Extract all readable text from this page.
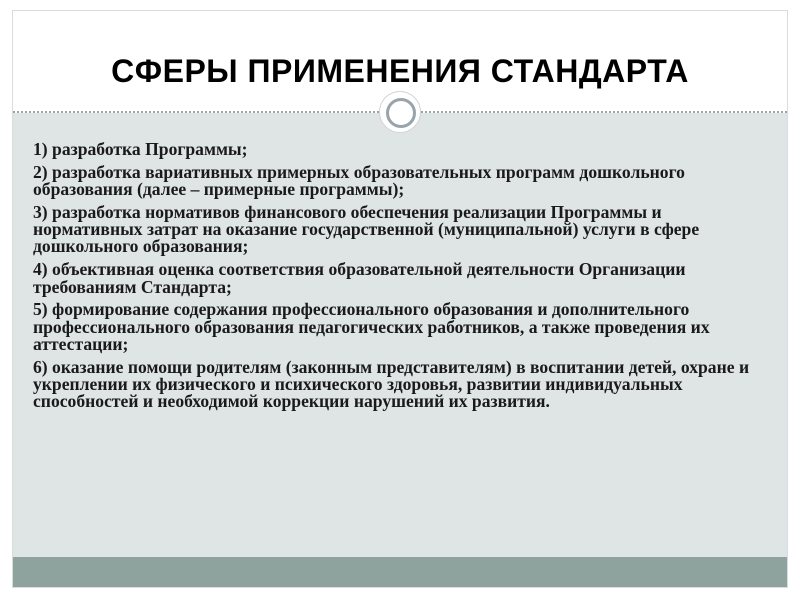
СФЕРЫ ПРИМЕНЕНИЯ СТАНДАРТА

1) разработка Программы;

2) разработка вариативных примерных образовательных программ дошкольного образования (далее – примерные программы);

3) разработка нормативов финансового обеспечения реализации Программы и нормативных затрат на оказание государственной (муниципальной) услуги в сфере дошкольного образования;

4) объективная оценка соответствия образовательной деятельности Организации требованиям Стандарта;

5) формирование содержания профессионального образования и дополнительного профессионального образования педагогических работников, а также проведения их аттестации;

6) оказание помощи родителям (законным представителям) в воспитании детей, охране и укреплении их физического и психического здоровья, развитии индивидуальных способностей и необходимой коррекции нарушений их развития.
